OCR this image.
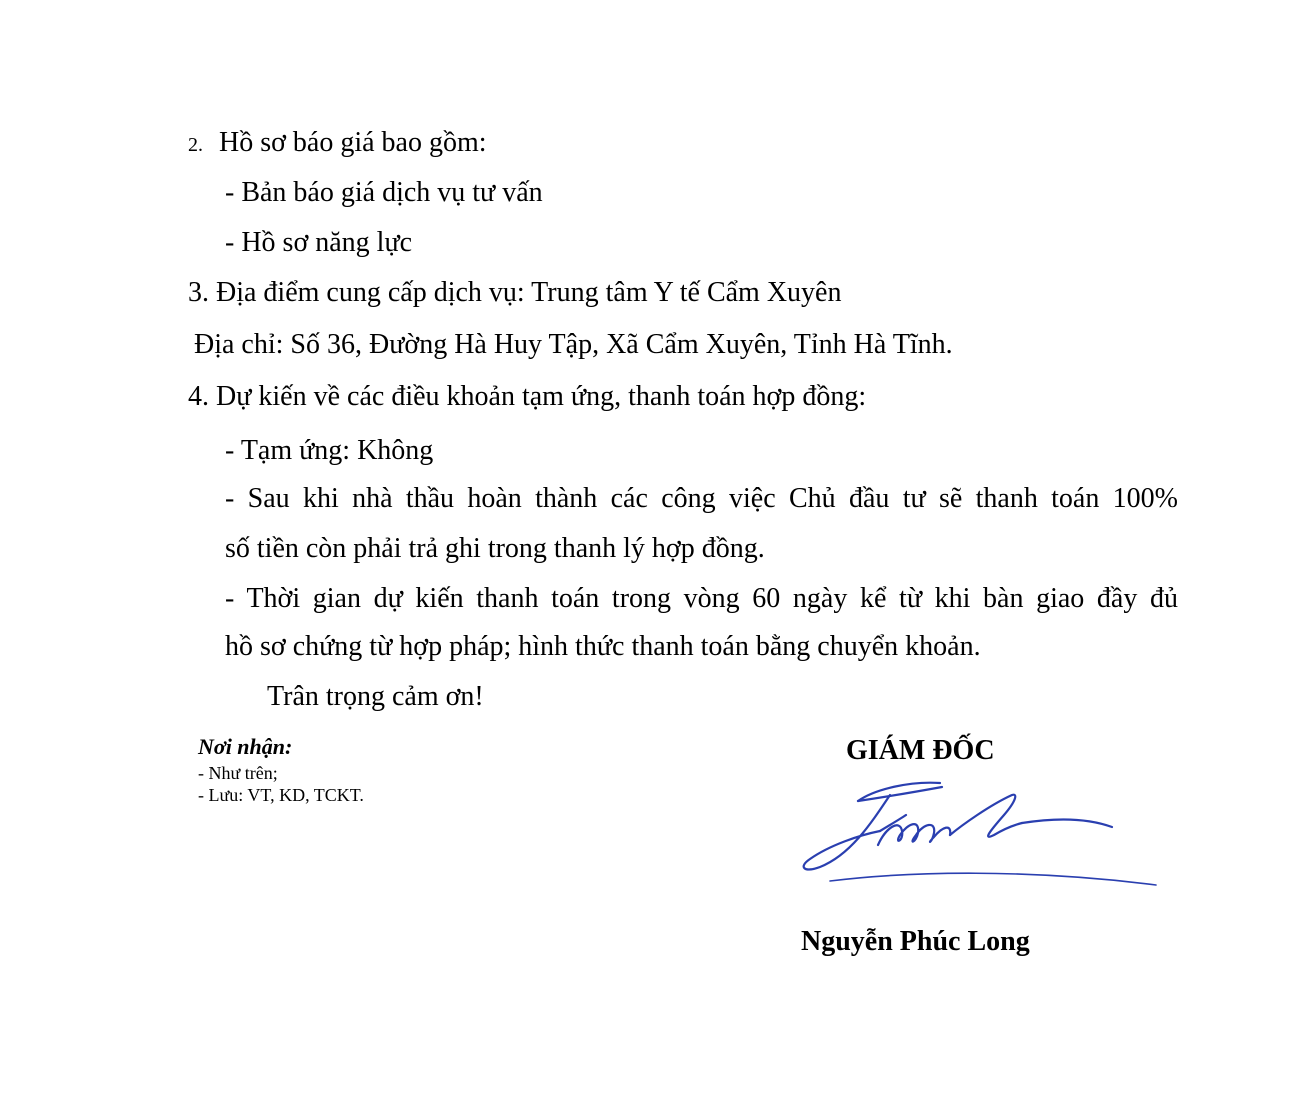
2. Hồ sơ báo giá bao gồm:
- Bản báo giá dịch vụ tư vấn
- Hồ sơ năng lực
3. Địa điểm cung cấp dịch vụ: Trung tâm Y tế Cẩm Xuyên
Địa chỉ: Số 36, Đường Hà Huy Tập, Xã Cẩm Xuyên, Tỉnh Hà Tĩnh.
4. Dự kiến về các điều khoản tạm ứng, thanh toán hợp đồng:
- Tạm ứng: Không
- Sau khi nhà thầu hoàn thành các công việc Chủ đầu tư sẽ thanh toán 100%
số tiền còn phải trả ghi trong thanh lý hợp đồng.
- Thời gian dự kiến thanh toán trong vòng 60 ngày kể từ khi bàn giao đầy đủ
hồ sơ chứng từ hợp pháp; hình thức thanh toán bằng chuyển khoản.
Trân trọng cảm ơn!
Nơi nhận:
- Như trên;
- Lưu: VT, KD, TCKT.
GIÁM ĐỐC
Nguyễn Phúc Long
